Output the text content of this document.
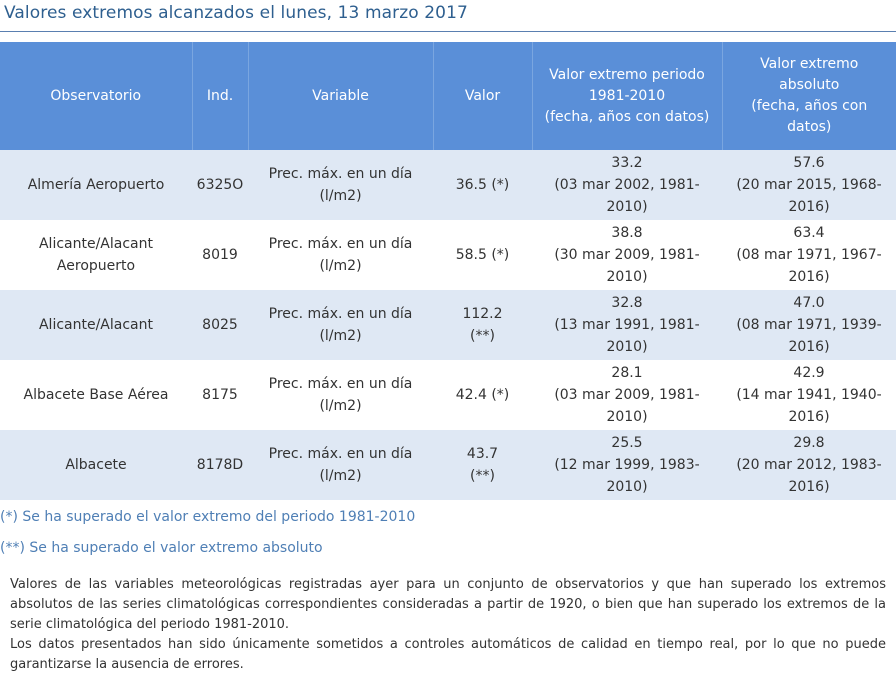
Valores extremos alcanzados el lunes, 13 marzo 2017
Observatorio	Ind.	Variable	Valor	Valor extremo periodo
1981-2010
(fecha, años con datos)	Valor extremo
absoluto
(fecha, años con
datos)
Almería Aeropuerto	6325O	Prec. máx. en un día
(l/m2)	36.5 (*)	33.2
(03 mar 2002, 1981-2010)	57.6
(20 mar 2015, 1968-
2016)
Alicante/Alacant
Aeropuerto	8019	Prec. máx. en un día
(l/m2)	58.5 (*)	38.8
(30 mar 2009, 1981-2010)	63.4
(08 mar 1971, 1967-
2016)
Alicante/Alacant	8025	Prec. máx. en un día
(l/m2)	112.2
(**)	32.8
(13 mar 1991, 1981-2010)	47.0
(08 mar 1971, 1939-
2016)
Albacete Base Aérea	8175	Prec. máx. en un día
(l/m2)	42.4 (*)	28.1
(03 mar 2009, 1981-2010)	42.9
(14 mar 1941, 1940-
2016)
Albacete	8178D	Prec. máx. en un día
(l/m2)	43.7
(**)	25.5
(12 mar 1999, 1983-2010)	29.8
(20 mar 2012, 1983-
2016)
(*) Se ha superado el valor extremo del periodo 1981-2010
(**) Se ha superado el valor extremo absoluto

Valores de las variables meteorológicas registradas ayer para un conjunto de observatorios y que han superado los extremos absolutos de las series climatológicas correspondientes consideradas a partir de 1920, o bien que han superado los extremos de la serie climatológica del periodo 1981-2010.

Los datos presentados han sido únicamente sometidos a controles automáticos de calidad en tiempo real, por lo que no puede garantizarse la ausencia de errores.
